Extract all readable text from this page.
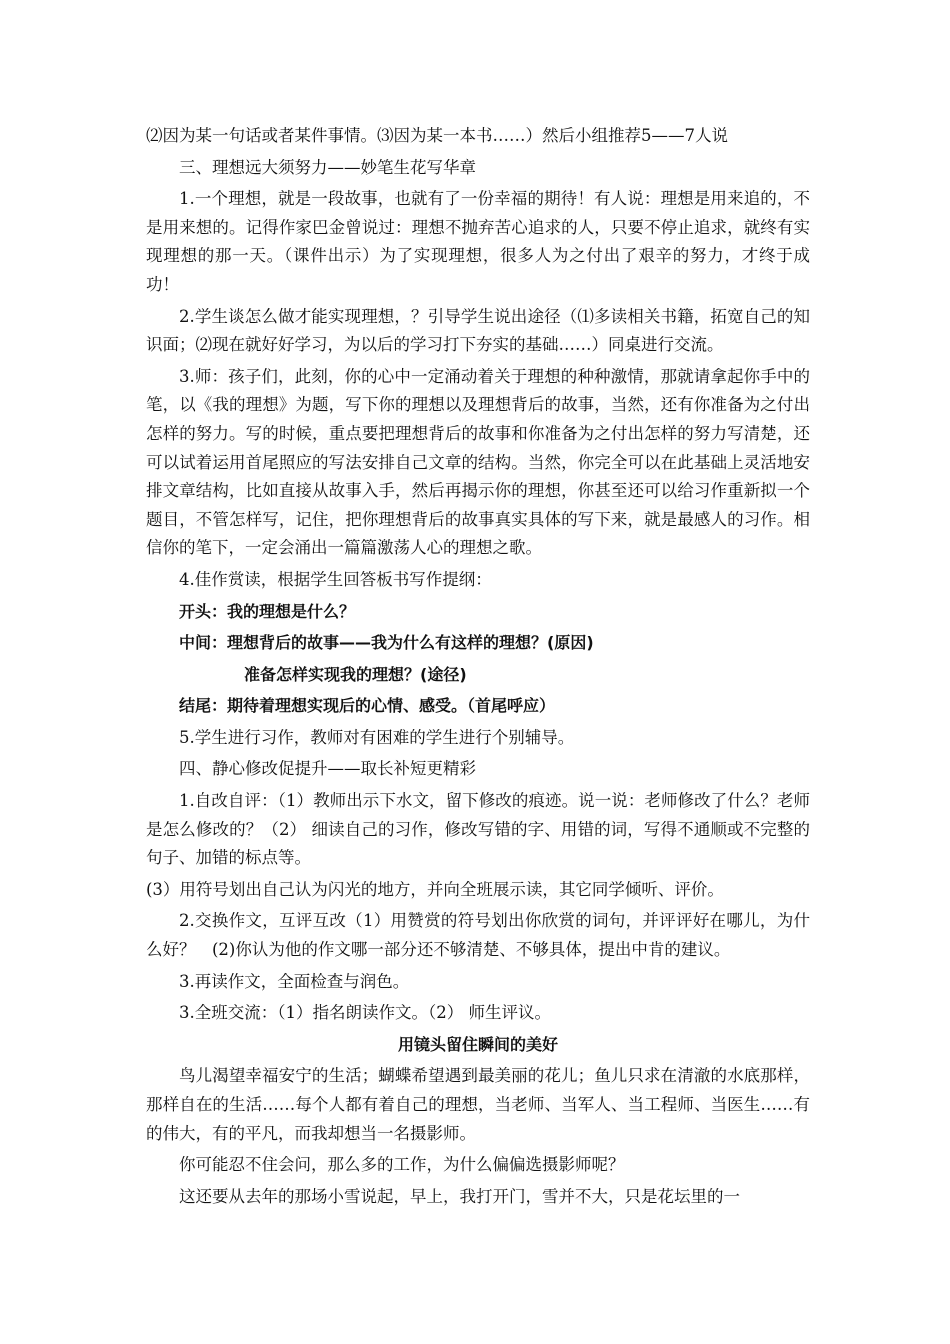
⑵因为某一句话或者某件事情。⑶因为某一本书……）然后小组推荐5——7人说

三、理想远大须努力——妙笔生花写华章

1.一个理想，就是一段故事，也就有了一份幸福的期待！有人说：理想是用来追的，不是用来想的。记得作家巴金曾说过：理想不抛弃苦心追求的人，只要不停止追求，就终有实现理想的那一天。（课件出示）为了实现理想，很多人为之付出了艰辛的努力，才终于成功！

2.学生谈怎么做才能实现理想，？引导学生说出途径（⑴多读相关书籍，拓宽自己的知识面；⑵现在就好好学习，为以后的学习打下夯实的基础……）同桌进行交流。

3.师：孩子们，此刻，你的心中一定涌动着关于理想的种种激情，那就请拿起你手中的笔，以《我的理想》为题，写下你的理想以及理想背后的故事，当然，还有你准备为之付出怎样的努力。写的时候，重点要把理想背后的故事和你准备为之付出怎样的努力写清楚，还可以试着运用首尾照应的写法安排自己文章的结构。当然，你完全可以在此基础上灵活地安排文章结构，比如直接从故事入手，然后再揭示你的理想，你甚至还可以给习作重新拟一个题目，不管怎样写，记住，把你理想背后的故事真实具体的写下来，就是最感人的习作。相信你的笔下，一定会涌出一篇篇激荡人心的理想之歌。

4.佳作赏读，根据学生回答板书写作提纲：

开头：我的理想是什么？

中间：理想背后的故事——我为什么有这样的理想？(原因)

准备怎样实现我的理想？(途径)

结尾：期待着理想实现后的心情、感受。（首尾呼应）

5.学生进行习作，教师对有困难的学生进行个别辅导。

四、静心修改促提升——取长补短更精彩

1.自改自评：（1）教师出示下水文，留下修改的痕迹。说一说：老师修改了什么？老师是怎么修改的？（2） 细读自己的习作，修改写错的字、用错的词，写得不通顺或不完整的句子、加错的标点等。

(3）用符号划出自己认为闪光的地方，并向全班展示读，其它同学倾听、评价。

2.交换作文，互评互改（1）用赞赏的符号划出你欣赏的词句，并评评好在哪儿，为什么好？　(2)你认为他的作文哪一部分还不够清楚、不够具体，提出中肯的建议。

3.再读作文，全面检查与润色。

3.全班交流：（1）指名朗读作文。（2） 师生评议。

用镜头留住瞬间的美好

鸟儿渴望幸福安宁的生活；蝴蝶希望遇到最美丽的花儿；鱼儿只求在清澈的水底那样，那样自在的生活……每个人都有着自己的理想，当老师、当军人、当工程师、当医生……有的伟大，有的平凡，而我却想当一名摄影师。

你可能忍不住会问，那么多的工作，为什么偏偏选摄影师呢？

这还要从去年的那场小雪说起，早上，我打开门，雪并不大，只是花坛里的一
